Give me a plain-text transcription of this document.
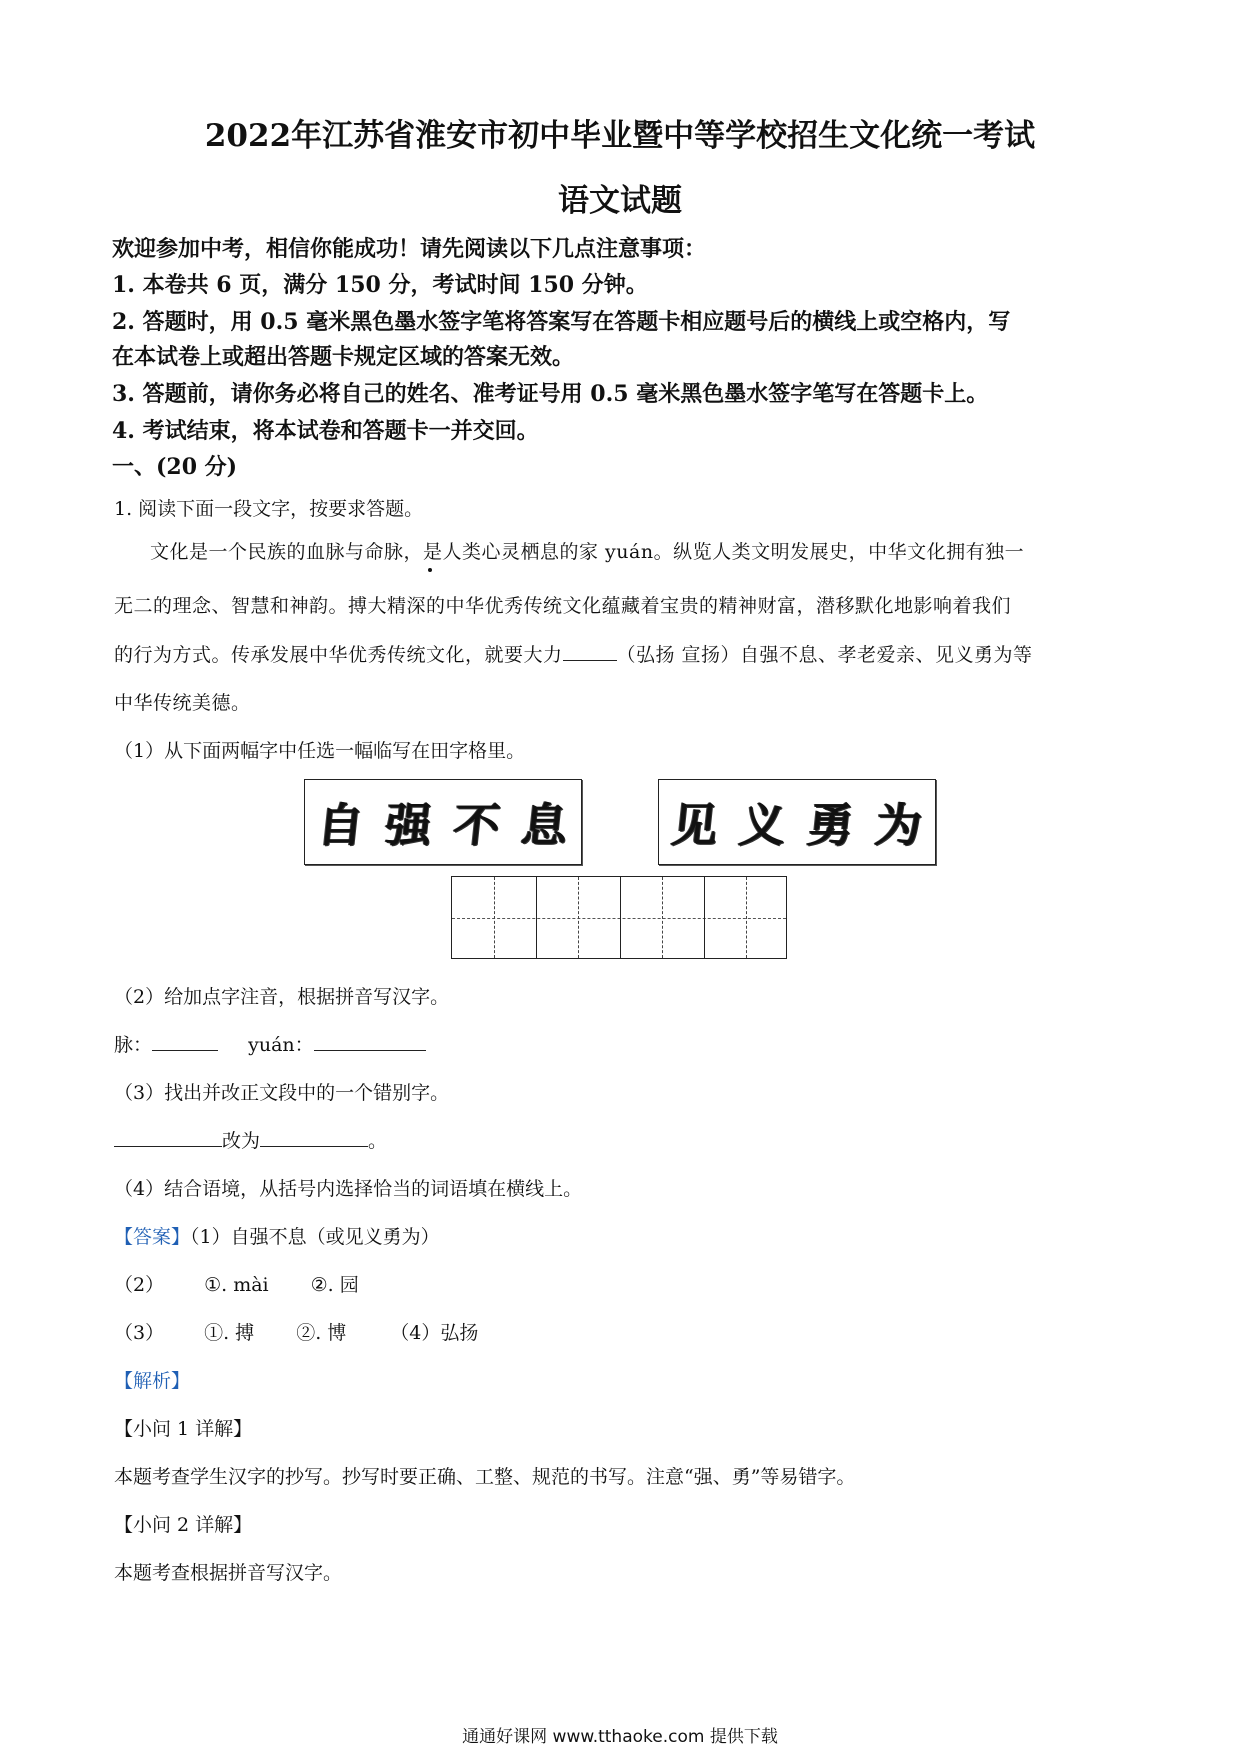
2022年江苏省淮安市初中毕业暨中等学校招生文化统一考试
语文试题
欢迎参加中考，相信你能成功！请先阅读以下几点注意事项：
1. 本卷共 6 页，满分 150 分，考试时间 150 分钟。
2. 答题时，用 0.5 毫米黑色墨水签字笔将答案写在答题卡相应题号后的横线上或空格内，写
在本试卷上或超出答题卡规定区域的答案无效。
3. 答题前，请你务必将自己的姓名、准考证号用 0.5 毫米黑色墨水签字笔写在答题卡上。
4. 考试结束，将本试卷和答题卡一并交回。
一、(20 分)
1. 阅读下面一段文字，按要求答题。
文化是一个民族的血脉与命脉，是人类心灵栖息的家 yuán。纵览人类文明发展史，中华文化拥有独一
无二的理念、智慧和神韵。搏大精深的中华优秀传统文化蕴藏着宝贵的精神财富，潜移默化地影响着我们
的行为方式。传承发展中华优秀传统文化，就要大力	（弘扬 宣扬）自强不息、孝老爱亲、见义勇为等
中华传统美德。
（1）从下面两幅字中任选一幅临写在田字格里。
自 强 不 息 见 义 勇 为
（2）给加点字注音，根据拼音写汉字。
脉：	yuán：
（3）找出并改正文段中的一个错别字。
改为	。
（4）结合语境，从括号内选择恰当的词语填在横线上。
【答案】（1）自强不息（或见义勇为）
（2） ①. mài ②. 园
（3） ①. 搏 ②. 博 （4）弘扬
【解析】
【小问 1 详解】
本题考查学生汉字的抄写。抄写时要正确、工整、规范的书写。注意“强、勇”等易错字。
【小问 2 详解】
本题考查根据拼音写汉字。
通通好课网 www.tthaoke.com 提供下载
